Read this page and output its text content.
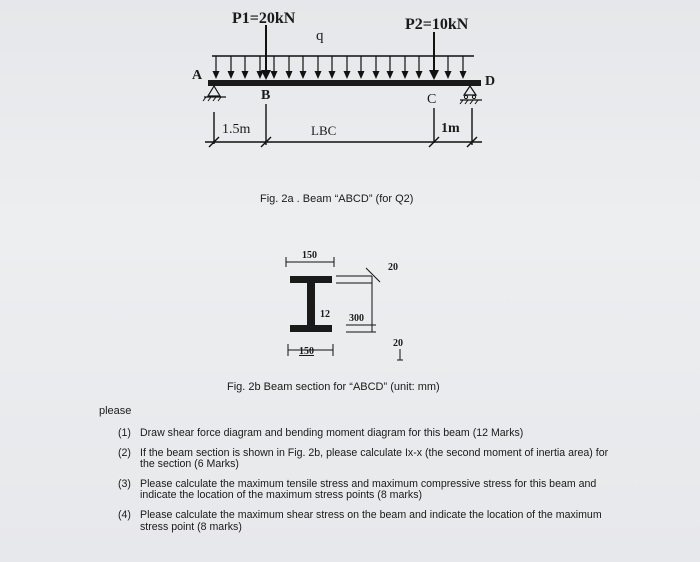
P1=20kN	P2=10kN
q
A
B	C
D
1.5m	LBC	1m
Fig. 2a . Beam “ABCD” (for Q2)
150
20
12 300
20
150
Fig. 2b Beam section for “ABCD” (unit: mm)
please
(1) Draw shear force diagram and bending moment diagram for this beam (12 Marks)
(2) If the beam section is shown in Fig. 2b, please calculate Ix-x (the second moment of inertia area) for the section (6 Marks)
(3) Please calculate the maximum tensile stress and maximum compressive stress for this beam and indicate the location of the maximum stress points (8 marks)
(4) Please calculate the maximum shear stress on the beam and indicate the location of the maximum stress point (8 marks)
